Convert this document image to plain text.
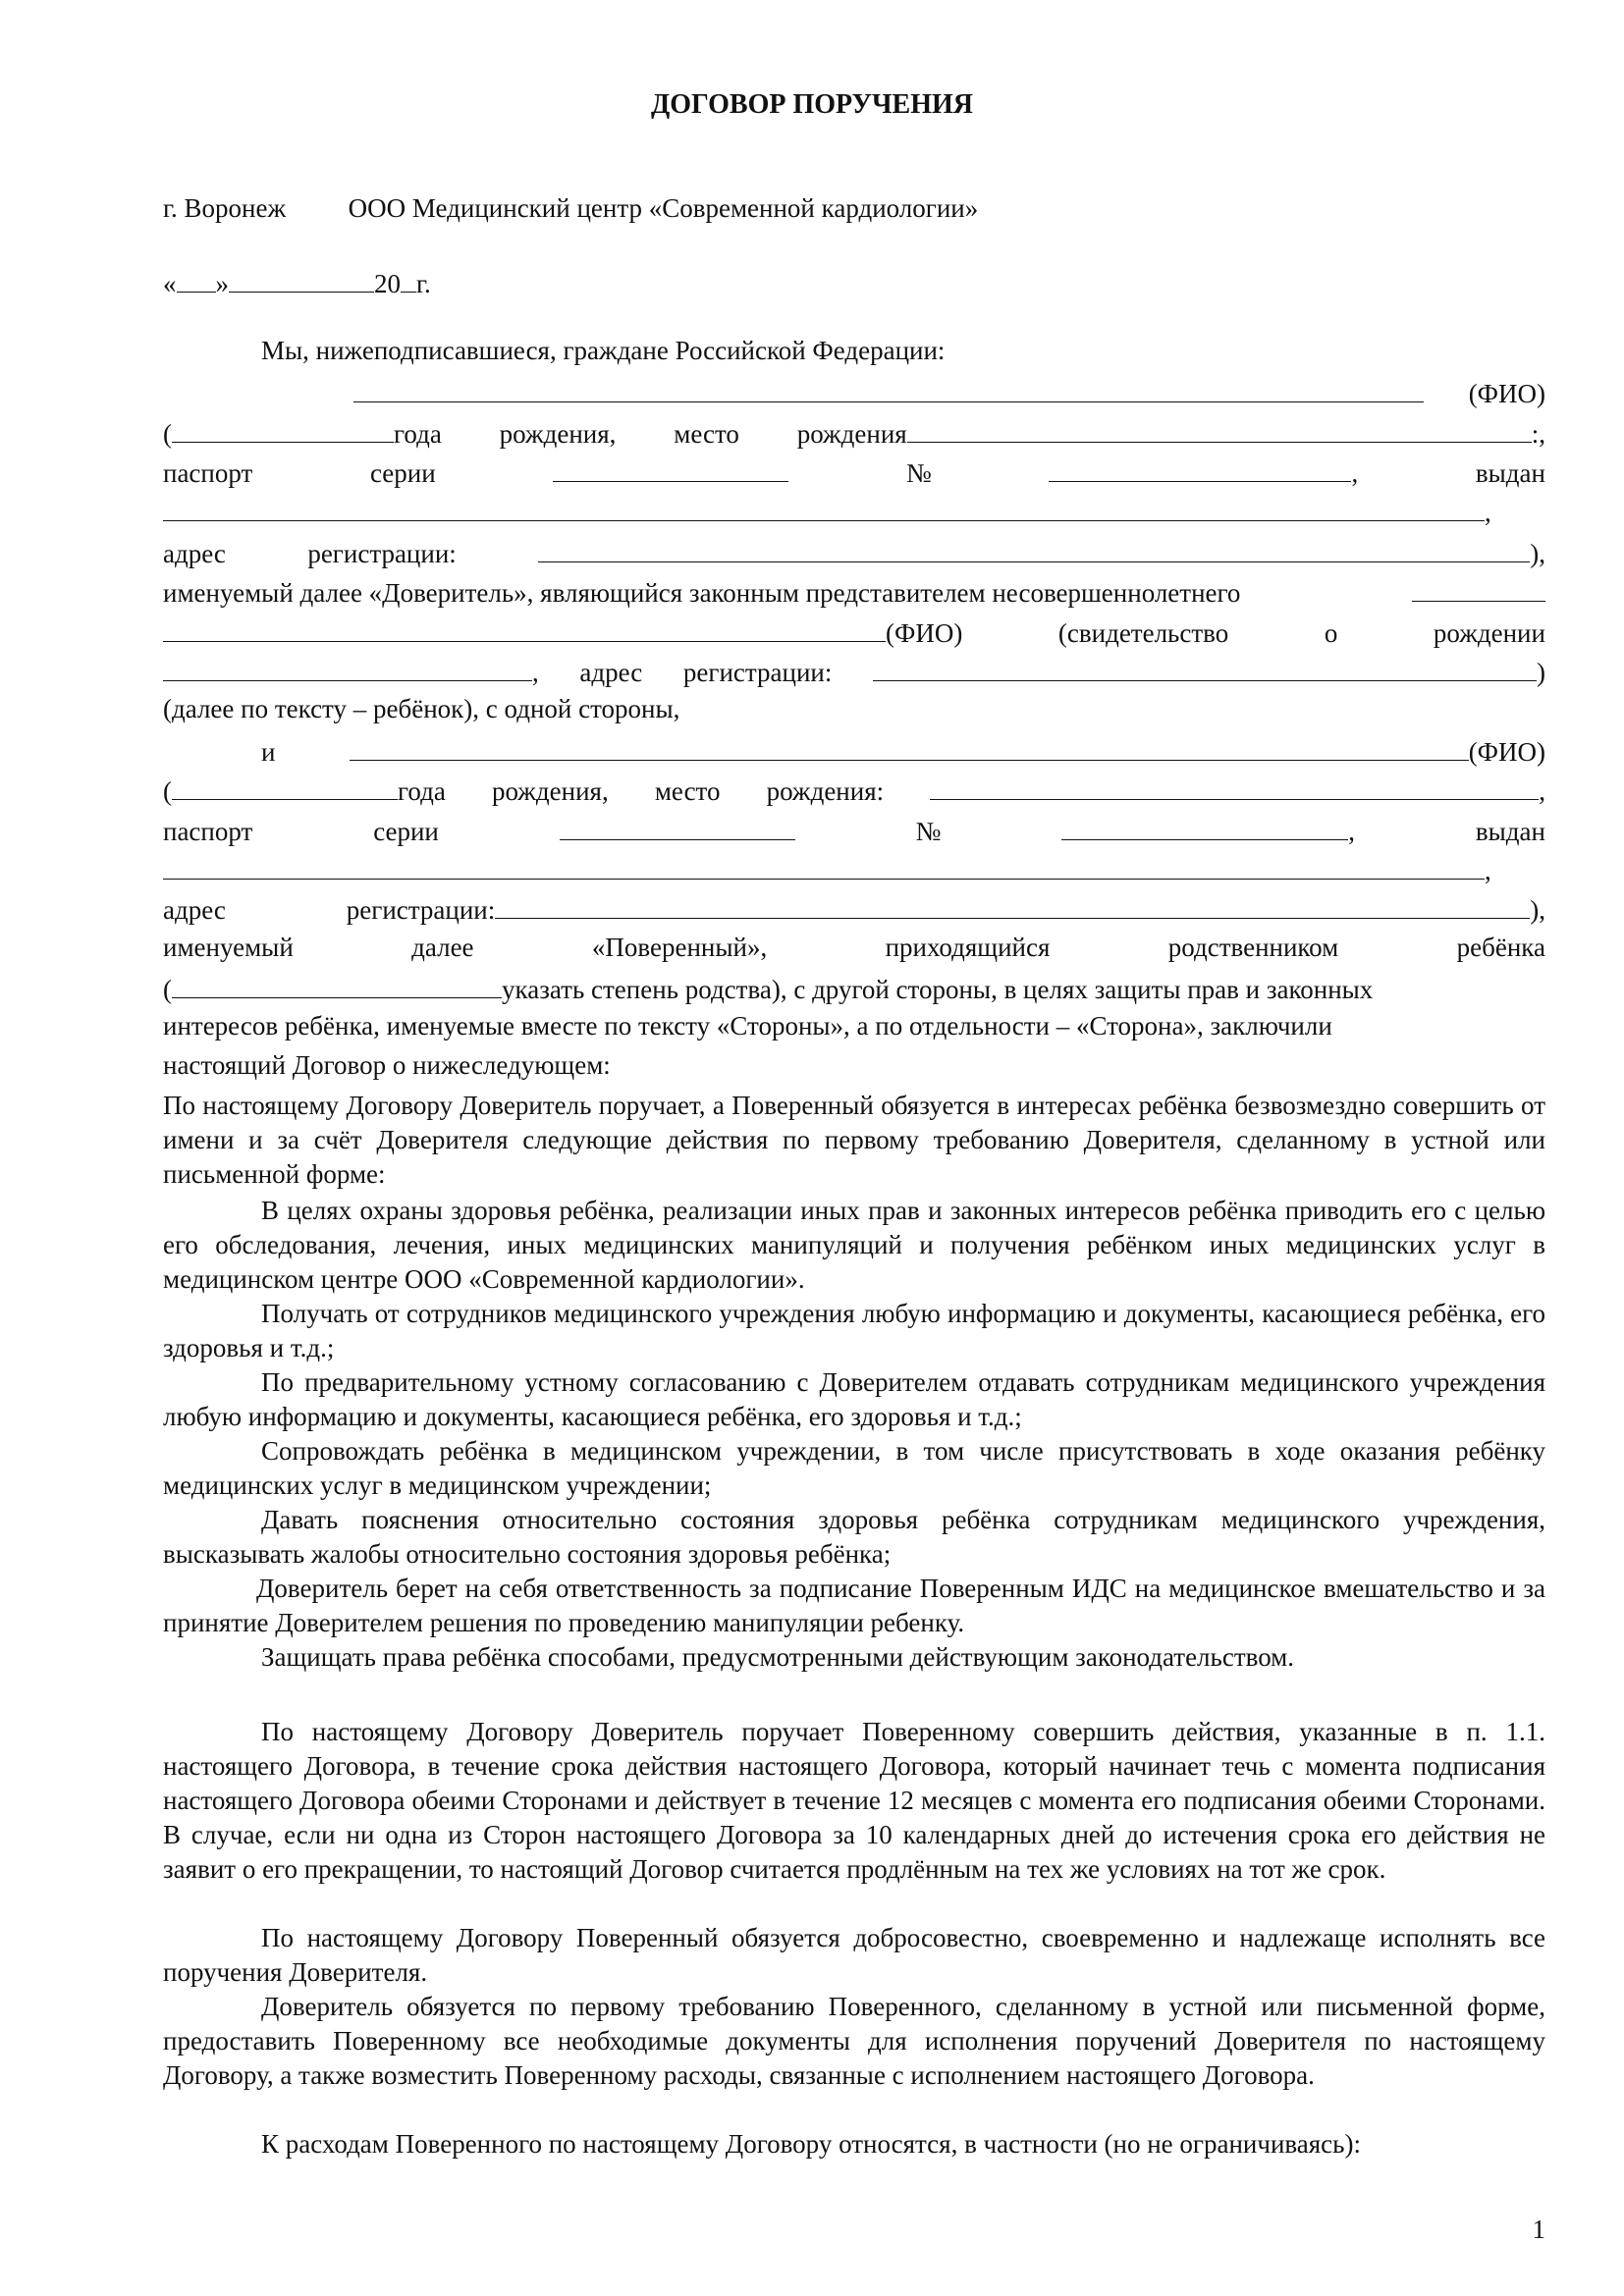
ДОГОВОР ПОРУЧЕНИЯ
г. Воронеж ООО Медицинский центр «Современной кардиологии»
« »	20 г.
Мы, нижеподписавшиеся, граждане Российской Федерации:
(ФИО)
(	года рождения, место рождения	:,
паспорт	серии	№	,	выдан
,
адрес	регистрации:	),
именуемый далее «Доверитель», являющийся законным представителем несовершеннолетнего
(ФИО)	(свидетельство	о	рождении
, адрес регистрации:	)
(далее по тексту – ребёнок), с одной стороны,
и	(ФИО)
(	года рождения, место рождения:	,
паспорт	серии	№	,	выдан
,
адрес	регистрации:	),
именуемый	далее	«Поверенный»,	приходящийся	родственником	ребёнка
(	указать степень родства), с другой стороны, в целях защиты прав и законных
интересов ребёнка, именуемые вместе по тексту «Стороны», а по отдельности – «Сторона», заключили
настоящий Договор о нижеследующем:
По настоящему Договору Доверитель поручает, а Поверенный обязуется в интересах ребёнка безвозмездно совершить от имени и за счёт Доверителя следующие действия по первому требованию Доверителя, сделанному в устной или письменной форме:
В целях охраны здоровья ребёнка, реализации иных прав и законных интересов ребёнка приводить его с целью его обследования, лечения, иных медицинских манипуляций и получения ребёнком иных медицинских услуг в медицинском центре ООО «Современной кардиологии».
Получать от сотрудников медицинского учреждения любую информацию и документы, касающиеся ребёнка, его здоровья и т.д.;
По предварительному устному согласованию с Доверителем отдавать сотрудникам медицинского учреждения любую информацию и документы, касающиеся ребёнка, его здоровья и т.д.;
Сопровождать ребёнка в медицинском учреждении, в том числе присутствовать в ходе оказания ребёнку медицинских услуг в медицинском учреждении;
Давать пояснения относительно состояния здоровья ребёнка сотрудникам медицинского учреждения, высказывать жалобы относительно состояния здоровья ребёнка;
Доверитель берет на себя ответственность за подписание Поверенным ИДС на медицинское вмешательство и за принятие Доверителем решения по проведению манипуляции ребенку.
Защищать права ребёнка способами, предусмотренными действующим законодательством.
По настоящему Договору Доверитель поручает Поверенному совершить действия, указанные в п. 1.1. настоящего Договора, в течение срока действия настоящего Договора, который начинает течь с момента подписания настоящего Договора обеими Сторонами и действует в течение 12 месяцев с момента его подписания обеими Сторонами. В случае, если ни одна из Сторон настоящего Договора за 10 календарных дней до истечения срока его действия не заявит о его прекращении, то настоящий Договор считается продлённым на тех же условиях на тот же срок.
По настоящему Договору Поверенный обязуется добросовестно, своевременно и надлежаще исполнять все поручения Доверителя.
Доверитель обязуется по первому требованию Поверенного, сделанному в устной или письменной форме, предоставить Поверенному все необходимые документы для исполнения поручений Доверителя по настоящему Договору, а также возместить Поверенному расходы, связанные с исполнением настоящего Договора.
К расходам Поверенного по настоящему Договору относятся, в частности (но не ограничиваясь):
1
